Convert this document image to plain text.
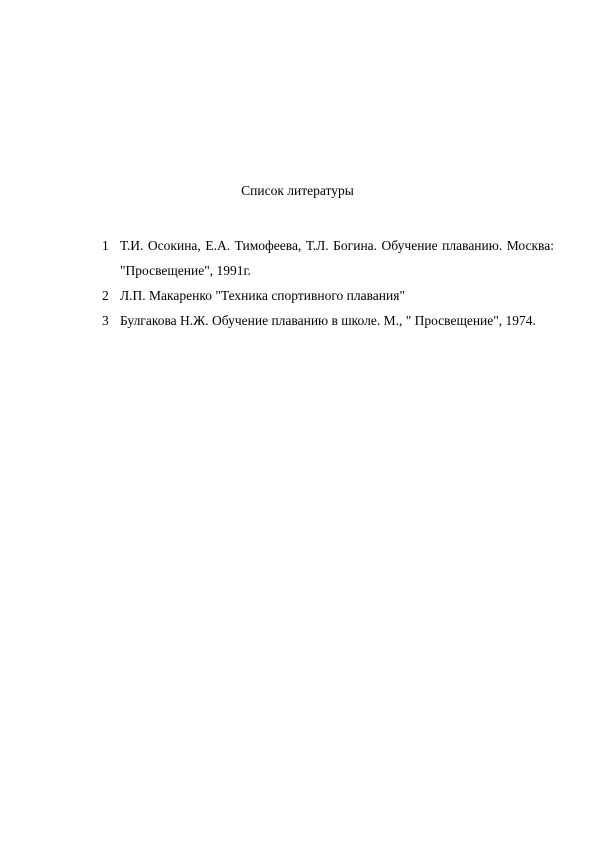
Список литературы
1 Т.И. Осокина, Е.А. Тимофеева, Т.Л. Богина. Обучение плаванию. Москва: "Просвещение", 1991г.
2 Л.П. Макаренко "Техника спортивного плавания"
3 Булгакова Н.Ж. Обучение плаванию в школе. М., " Просвещение", 1974.
